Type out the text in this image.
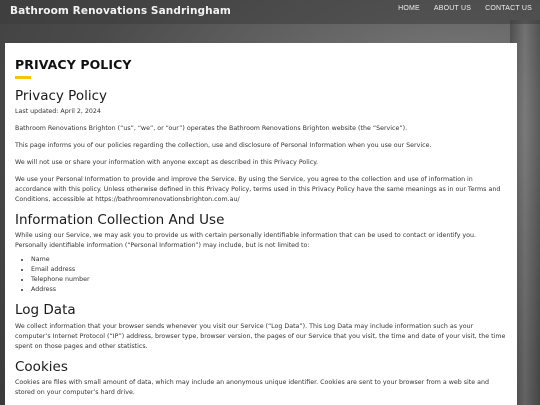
Bathroom Renovations Sandringham	HOME ABOUT US CONTACT US
PRIVACY POLICY
Privacy Policy

Last updated: April 2, 2024

Bathroom Renovations Brighton (“us”, “we”, or “our”) operates the Bathroom Renovations Brighton website (the “Service”).

This page informs you of our policies regarding the collection, use and disclosure of Personal Information when you use our Service.

We will not use or share your information with anyone except as described in this Privacy Policy.

We use your Personal Information to provide and improve the Service. By using the Service, you agree to the collection and use of information in accordance with this policy. Unless otherwise defined in this Privacy Policy, terms used in this Privacy Policy have the same meanings as in our Terms and Conditions, accessible at https://bathroomrenovationsbrighton.com.au/

Information Collection And Use

While using our Service, we may ask you to provide us with certain personally identifiable information that can be used to contact or identify you. Personally identifiable information (“Personal Information”) may include, but is not limited to:

• Name
• Email address
• Telephone number
• Address
Log Data

We collect information that your browser sends whenever you visit our Service (“Log Data”). This Log Data may include information such as your computer’s Internet Protocol (“IP”) address, browser type, browser version, the pages of our Service that you visit, the time and date of your visit, the time spent on those pages and other statistics.

Cookies

Cookies are files with small amount of data, which may include an anonymous unique identifier. Cookies are sent to your browser from a web site and stored on your computer’s hard drive.
